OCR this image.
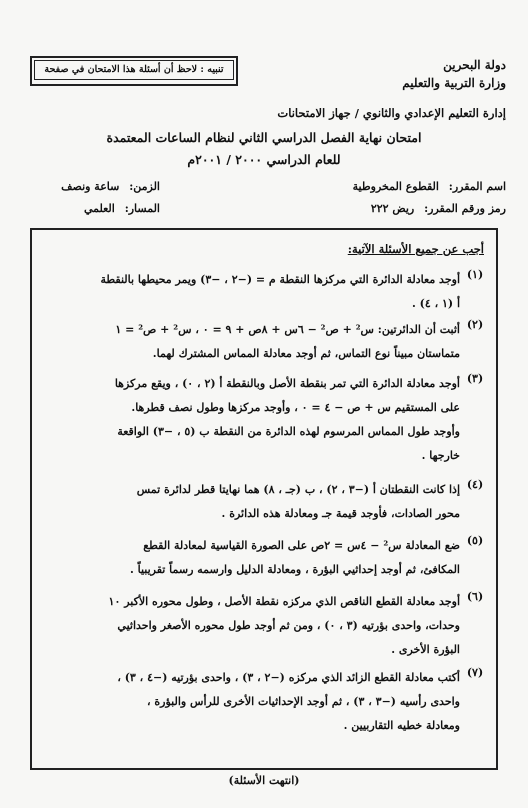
دولة البحرين
وزارة التربية والتعليم
تنبيه : لاحظ أن أسئلة هذا الامتحان في صفحة
إدارة التعليم الإعدادي والثانوي / جهاز الامتحانات
امتحان نهاية الفصل الدراسي الثاني لنظام الساعات المعتمدة
للعام الدراسي ٢٠٠٠ / ٢٠٠١م
اسم المقرر: القطوع المخروطية
رمز ورقم المقرر: ريض ٢٢٢
الزمن: ساعة ونصف
المسار: العلمي
أجب عن جميع الأسئلة الآتية:
(١)
أوجد معادلة الدائرة التي مركزها النقطة م = (−٢ ، −٣) ويمر محيطها بالنقطة
أ (١ ، ٤) .
(٢)
أثبت أن الدائرتين: س² + ص² − ٦س + ٨ص + ٩ = ٠ ، س² + ص² = ١
متماستان مبيناً نوع التماس، ثم أوجد معادلة المماس المشترك لهما.
(٣)
أوجد معادلة الدائرة التي تمر بنقطة الأصل وبالنقطة أ (٢ ، ٠) ، ويقع مركزها
على المستقيم س + ص − ٤ = ٠ ، وأوجد مركزها وطول نصف قطرها.
وأوجد طول المماس المرسوم لهذه الدائرة من النقطة ب (٥ ، −٣) الواقعة
خارجها .
(٤)
إذا كانت النقطتان أ (−٣ ، ٢) ، ب (جـ ، ٨) هما نهايتا قطر لدائرة تمس
محور الصادات، فأوجد قيمة جـ ومعادلة هذه الدائرة .
(٥)
ضع المعادلة س² − ٤س = ٢ص على الصورة القياسية لمعادلة القطع
المكافئ، ثم أوجد إحداثيي البؤرة ، ومعادلة الدليل وارسمه رسماً تقريبياً .
(٦)
أوجد معادلة القطع الناقص الذي مركزه نقطة الأصل ، وطول محوره الأكبر ١٠
وحدات، واحدى بؤرتيه (٣ ، ٠) ، ومن ثم أوجد طول محوره الأصغر واحداثيي
البؤرة الأخرى .
(٧)
أكتب معادلة القطع الزائد الذي مركزه (−٢ ، ٣) ، واحدى بؤرتيه (−٤ ، ٣) ،
واحدى رأسيه (−٣ ، ٣) ، ثم أوجد الإحداثيات الأخرى للرأس والبؤرة ،
ومعادلة خطيه التقاربيين .
(انتهت الأسئلة)
